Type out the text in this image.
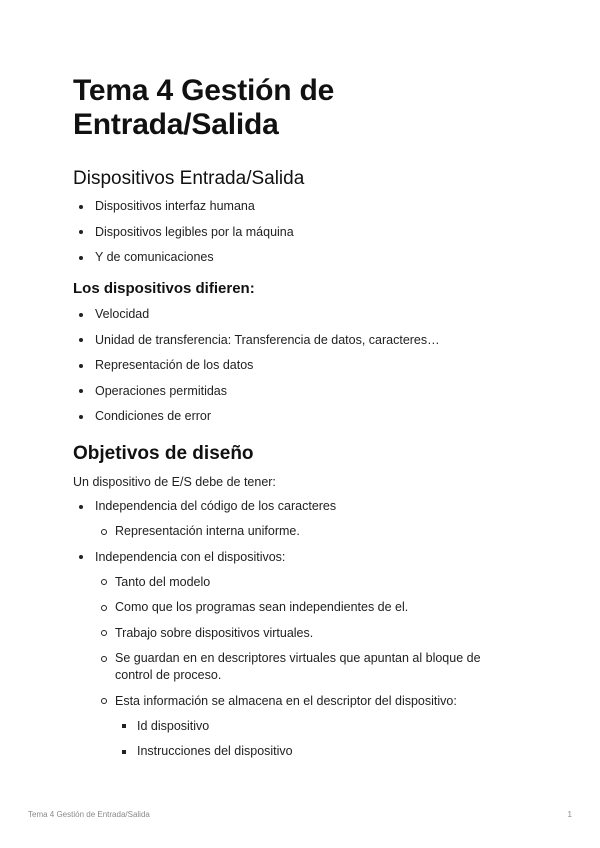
Tema 4 Gestión de Entrada/Salida
Dispositivos Entrada/Salida
Dispositivos interfaz humana
Dispositivos legibles por la máquina
Y de comunicaciones
Los dispositivos difieren:
Velocidad
Unidad de transferencia: Transferencia de datos, caracteres…
Representación de los datos
Operaciones permitidas
Condiciones de error
Objetivos de diseño

Un dispositivo de E/S debe de tener:

Independencia del código de los caracteres
Representación interna uniforme.
Independencia con el dispositivos:
Tanto del modelo
Como que los programas sean independientes de el.
Trabajo sobre dispositivos virtuales.
Se guardan en en descriptores virtuales que apuntan al bloque de control de proceso.
Esta información se almacena en el descriptor del dispositivo:
Id dispositivo
Instrucciones del dispositivo
Tema 4 Gestión de Entrada/Salida	1
